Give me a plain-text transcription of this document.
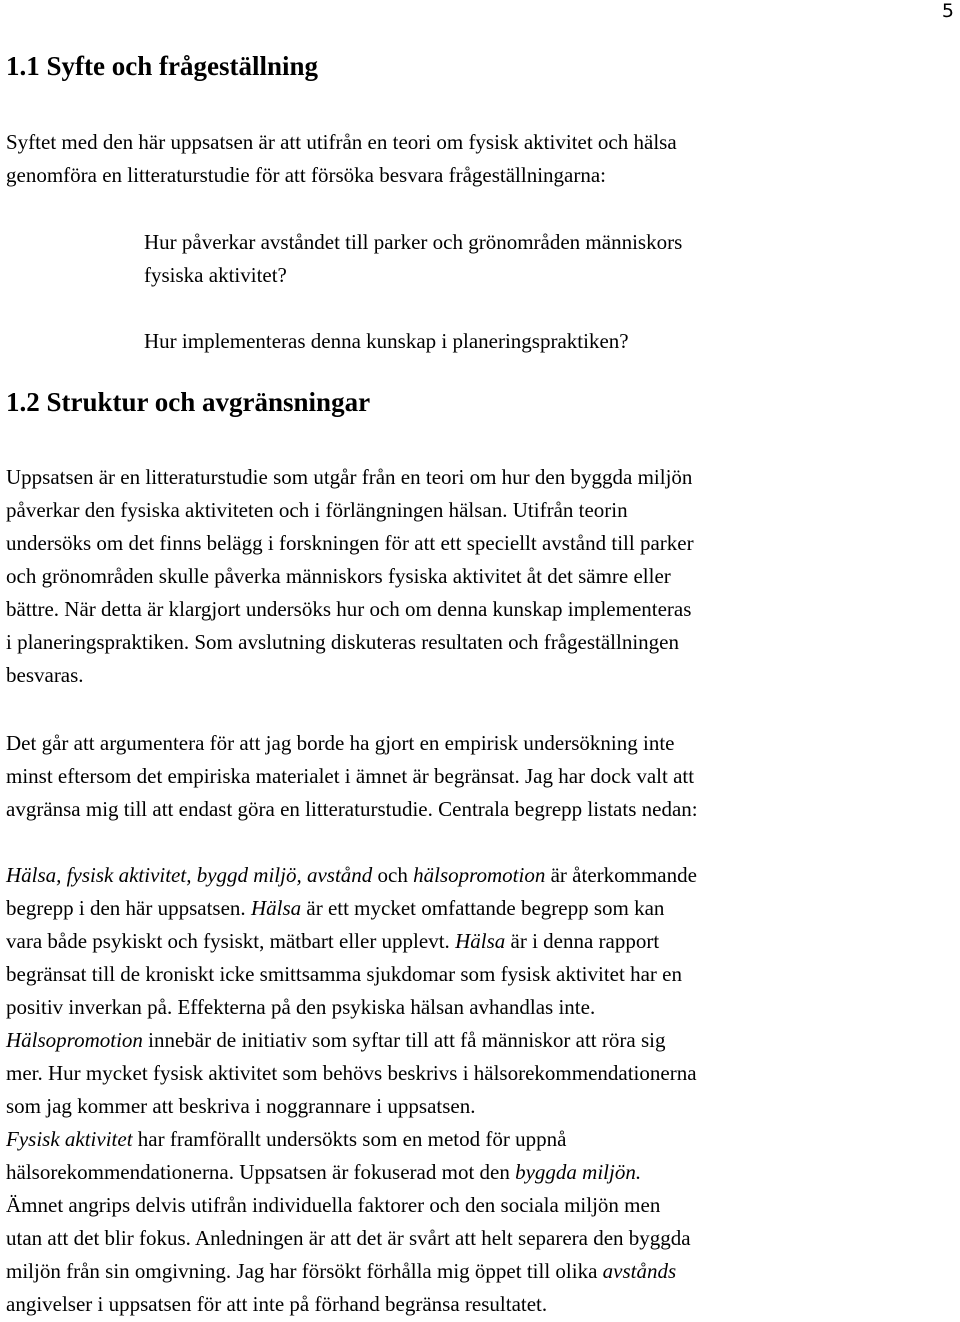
5
1.1 Syfte och frågeställning
Syftet med den här uppsatsen är att utifrån en teori om fysisk aktivitet och hälsa
genomföra en litteraturstudie för att försöka besvara frågeställningarna:
Hur påverkar avståndet till parker och grönområden människors
fysiska aktivitet?
Hur implementeras denna kunskap i planeringspraktiken?
1.2 Struktur och avgränsningar
Uppsatsen är en litteraturstudie som utgår från en teori om hur den byggda miljön
påverkar den fysiska aktiviteten och i förlängningen hälsan. Utifrån teorin
undersöks om det finns belägg i forskningen för att ett speciellt avstånd till parker
och grönområden skulle påverka människors fysiska aktivitet åt det sämre eller
bättre. När detta är klargjort undersöks hur och om denna kunskap implementeras
i planeringspraktiken. Som avslutning diskuteras resultaten och frågeställningen
besvaras.
Det går att argumentera för att jag borde ha gjort en empirisk undersökning inte
minst eftersom det empiriska materialet i ämnet är begränsat. Jag har dock valt att
avgränsa mig till att endast göra en litteraturstudie. Centrala begrepp listats nedan:
Hälsa, fysisk aktivitet, byggd miljö, avstånd och hälsopromotion är återkommande
begrepp i den här uppsatsen. Hälsa är ett mycket omfattande begrepp som kan
vara både psykiskt och fysiskt, mätbart eller upplevt. Hälsa är i denna rapport
begränsat till de kroniskt icke smittsamma sjukdomar som fysisk aktivitet har en
positiv inverkan på. Effekterna på den psykiska hälsan avhandlas inte.
Hälsopromotion innebär de initiativ som syftar till att få människor att röra sig
mer. Hur mycket fysisk aktivitet som behövs beskrivs i hälsorekommendationerna
som jag kommer att beskriva i noggrannare i uppsatsen.
Fysisk aktivitet har framförallt undersökts som en metod för uppnå
hälsorekommendationerna. Uppsatsen är fokuserad mot den byggda miljön.
Ämnet angrips delvis utifrån individuella faktorer och den sociala miljön men
utan att det blir fokus. Anledningen är att det är svårt att helt separera den byggda
miljön från sin omgivning. Jag har försökt förhålla mig öppet till olika avstånds
angivelser i uppsatsen för att inte på förhand begränsa resultatet.
